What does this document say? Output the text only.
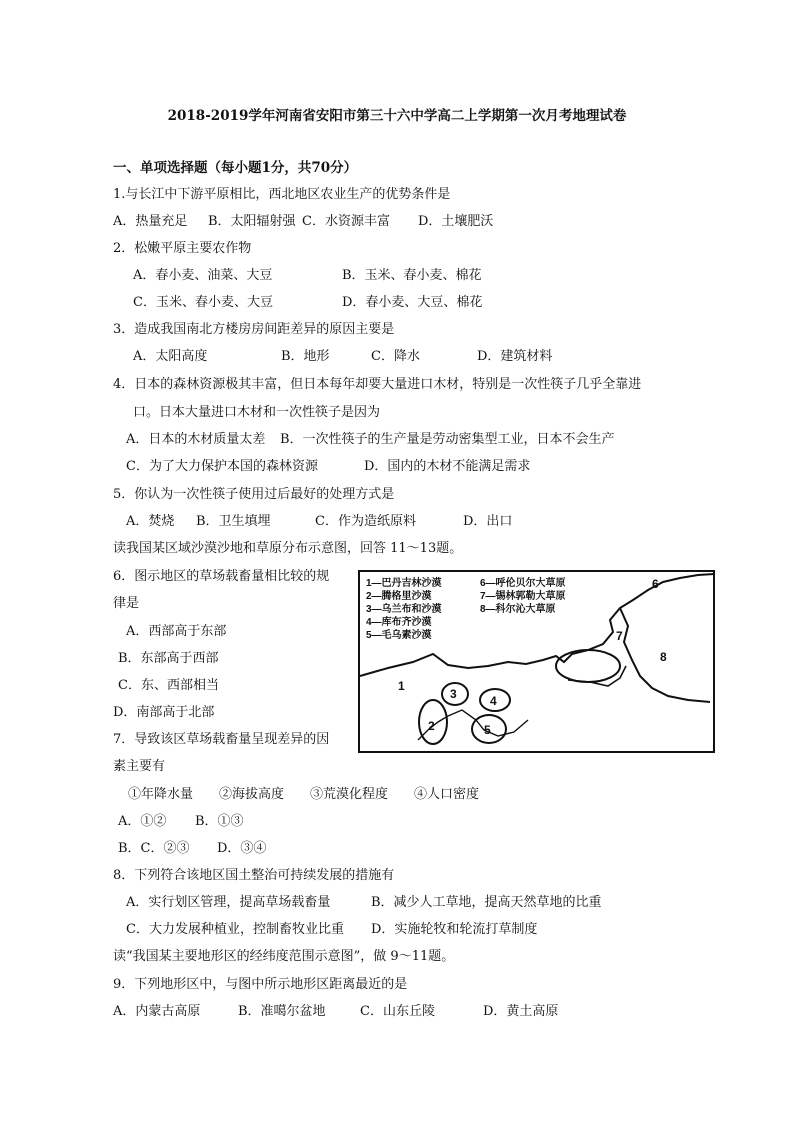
2018-2019学年河南省安阳市第三十六中学高二上学期第一次月考地理试卷
一、单项选择题（每小题1分，共70分）
1.与长江中下游平原相比，西北地区农业生产的优势条件是
A．热量充足 B．太阳辐射强 C．水资源丰富 D．土壤肥沃
2．松嫩平原主要农作物
A．春小麦、油菜、大豆	B．玉米、春小麦、棉花
C．玉米、春小麦、大豆	D．春小麦、大豆、棉花
3．造成我国南北方楼房房间距差异的原因主要是
A．太阳高度	B．地形	C．降水	D．建筑材料
4．日本的森林资源极其丰富，但日本每年却要大量进口木材，特别是一次性筷子几乎全靠进
口。日本大量进口木材和一次性筷子是因为
A．日本的木材质量太差 B．一次性筷子的生产量是劳动密集型工业，日本不会生产
C．为了大力保护本国的森林资源	D．国内的木材不能满足需求
5．你认为一次性筷子使用过后最好的处理方式是
A．焚烧 B．卫生填埋	C．作为造纸原料	D．出口
读我国某区域沙漠沙地和草原分布示意图，回答 11～13题。
6．图示地区的草场载畜量相比较的规
律是
A．西部高于东部
B．东部高于西部
C．东、西部相当
D．南部高于北部
7．导致该区草场载畜量呈现差异的因
素主要有
①年降水量　　②海拔高度　　③荒漠化程度　　④人口密度
A．①② B．①③
B．C．②③ D．③④
8．下列符合该地区国土整治可持续发展的措施有
A．实行划区管理，提高草场载畜量	B．减少人工草地，提高天然草地的比重
C．大力发展种植业，控制畜牧业比重 D．实施轮牧和轮流打草制度
读“我国某主要地形区的经纬度范围示意图”，做 9～11题。
9．下列地形区中，与图中所示地形区距离最近的是
A．内蒙古高原	B．准噶尔盆地	C．山东丘陵	D．黄土高原
1—巴丹吉林沙漠
2—腾格里沙漠
3—乌兰布和沙漠
4—库布齐沙漠
5—毛乌素沙漠
6—呼伦贝尔大草原
7—锡林郭勒大草原
8—科尔沁大草原
1
2
3	4
5
6
7
8
